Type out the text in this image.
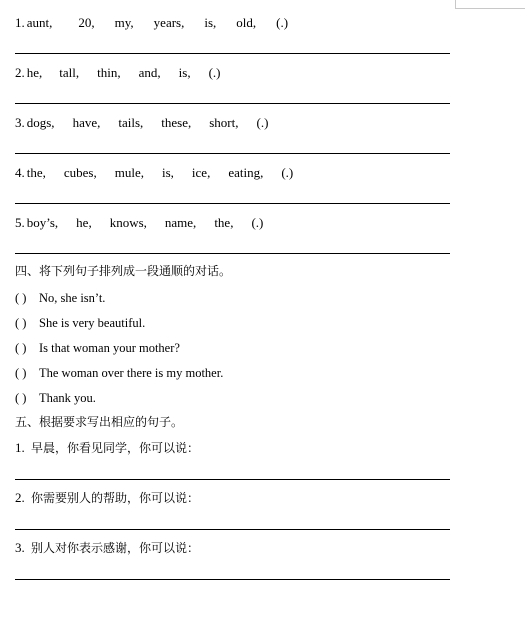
1. aunt, 20, my, years, is, old, (.)
2. he, tall, thin, and, is, (.)
3. dogs, have, tails, these, short, (.)
4. the, cubes, mule, is, ice, eating, (.)
5. boy’s, he, knows, name, the, (.)
四、将下列句子排列成一段通顺的对话。
( ) No, she isn’t.
( ) She is very beautiful.
( ) Is that woman your mother?
( ) The woman over there is my mother.
( ) Thank you.
五、根据要求写出相应的句子。
1. 早晨，你看见同学，你可以说：
2. 你需要别人的帮助，你可以说：
3. 别人对你表示感谢，你可以说：
